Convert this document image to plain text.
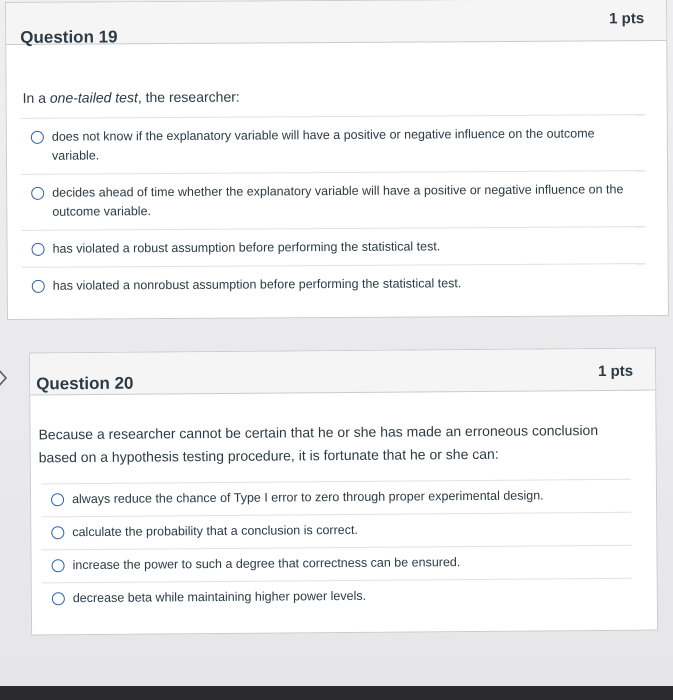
Question 19
1 pts
In a one-tailed test, the researcher:
does not know if the explanatory variable will have a positive or negative influence on the outcome variable.
decides ahead of time whether the explanatory variable will have a positive or negative influence on the outcome variable.
has violated a robust assumption before performing the statistical test.
has violated a nonrobust assumption before performing the statistical test.
Question 20
1 pts
Because a researcher cannot be certain that he or she has made an erroneous conclusion based on a hypothesis testing procedure, it is fortunate that he or she can:
always reduce the chance of Type I error to zero through proper experimental design.
calculate the probability that a conclusion is correct.
increase the power to such a degree that correctness can be ensured.
decrease beta while maintaining higher power levels.
